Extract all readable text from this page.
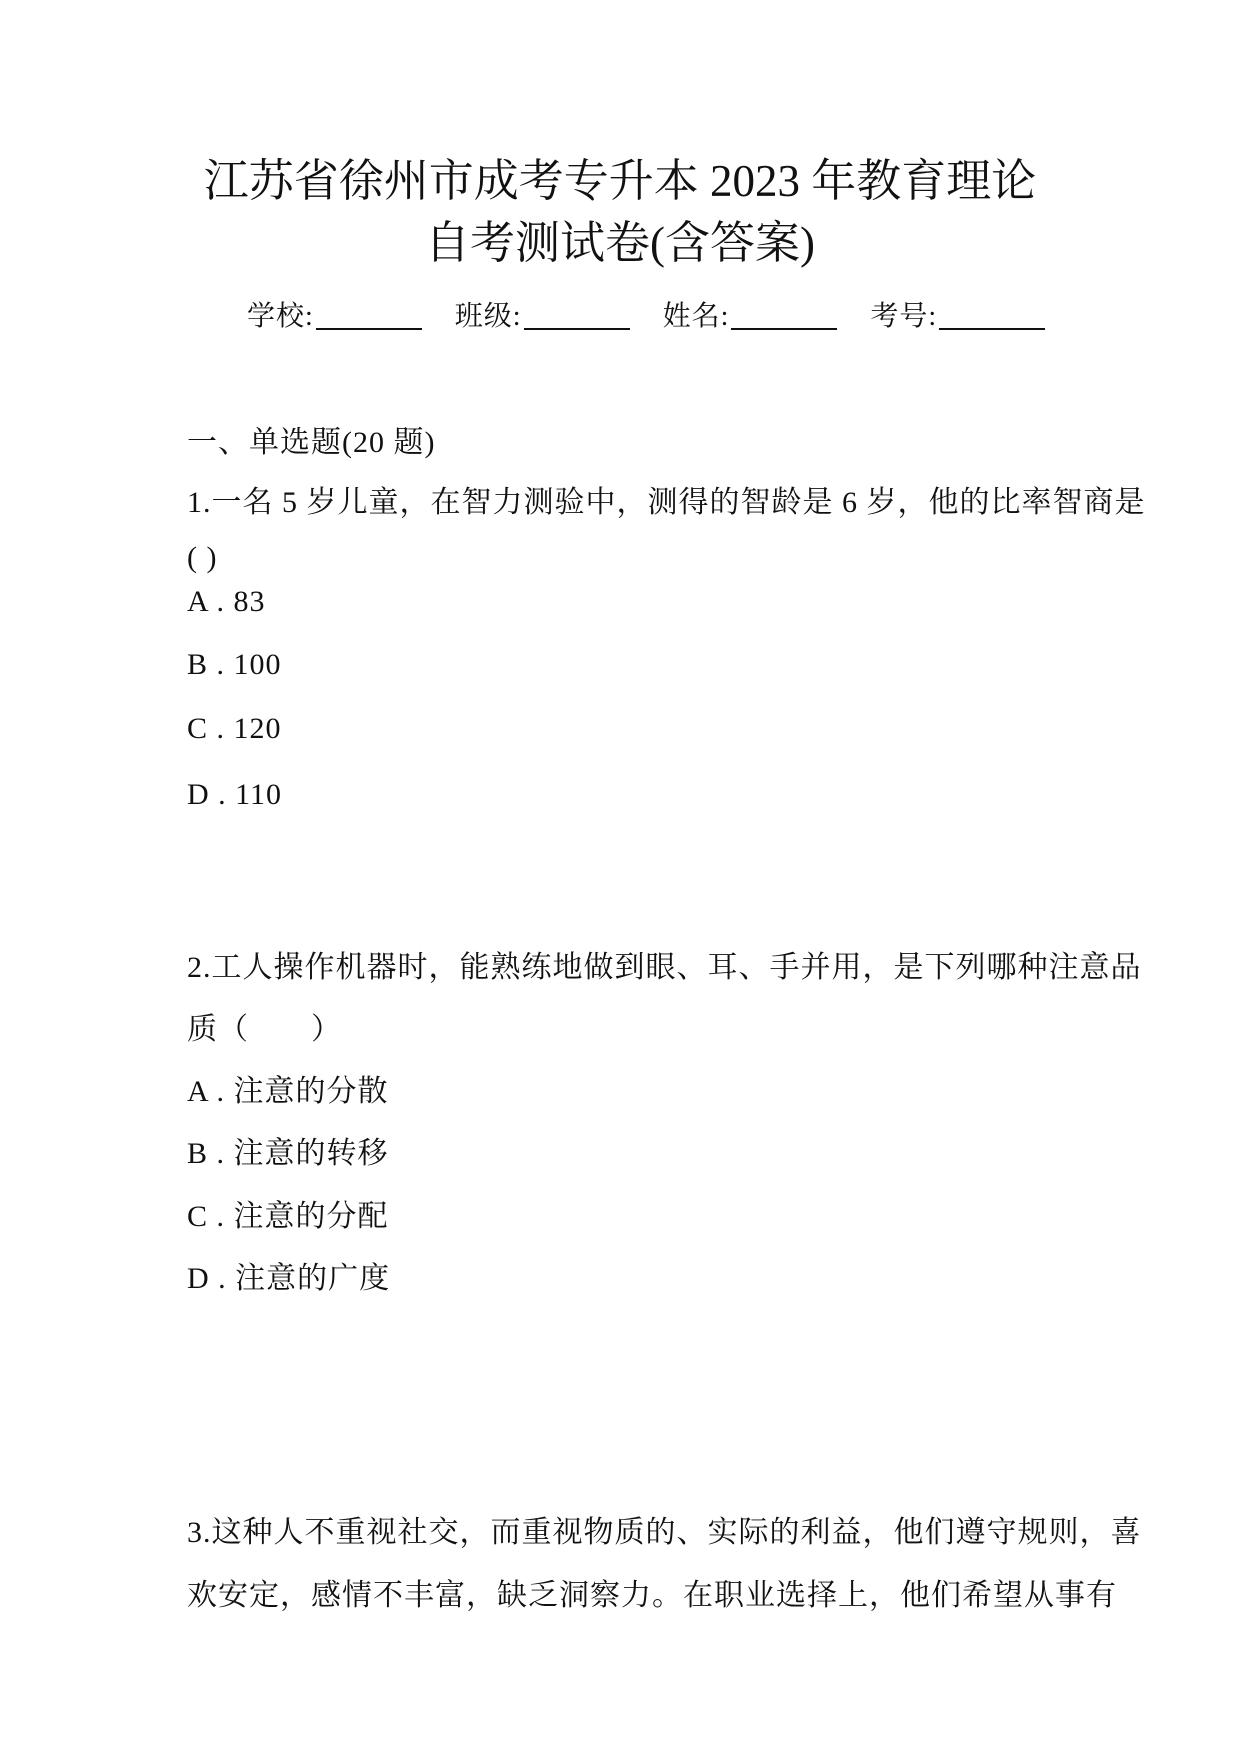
江苏省徐州市成考专升本 2023 年教育理论
自考测试卷(含答案)
学校:	班级:	姓名:	考号:
一、单选题(20 题)

1.一名 5 岁儿童，在智力测验中，测得的智龄是 6 岁，他的比率智商是

( )

A . 83

B . 100

C . 120

D . 110

2.工人操作机器时，能熟练地做到眼、耳、手并用，是下列哪种注意品

质（　　）

A . 注意的分散

B . 注意的转移

C . 注意的分配

D . 注意的广度

3.这种人不重视社交，而重视物质的、实际的利益，他们遵守规则，喜

欢安定，感情不丰富，缺乏洞察力。在职业选择上，他们希望从事有
